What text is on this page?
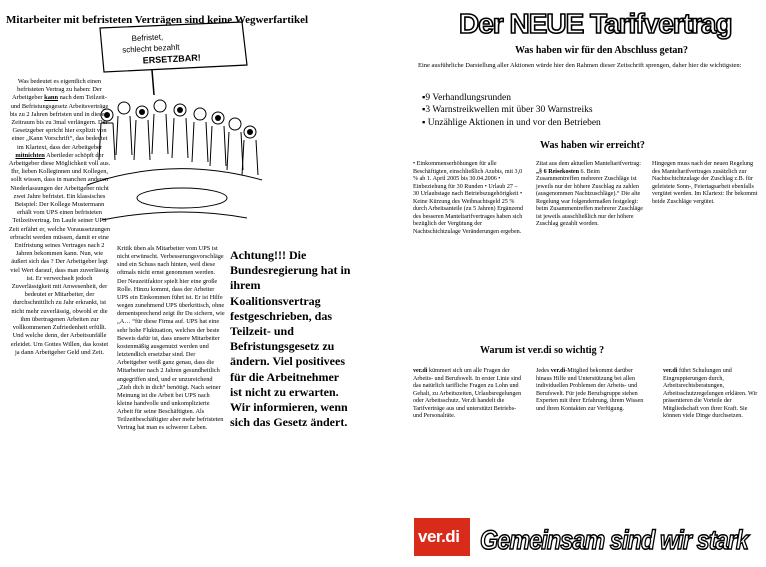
Mitarbeiter mit befristeten Verträgen sind keine Wegwerfartikel
Befristet,
schlecht bezahlt
ERSETZBAR!
Was bedeutet es eigentlich einen befristeten Vertrag zu haben: Der Arbeitgeber kann nach dem Teilzeit- und Befristungsgesetz Arbeitsverträge bis zu 2 Jahren befristen und in diesem Zeitraum bis zu 3mal verlängern. Der Gesetzgeber spricht hier explizit von einer „Kann Vorschrift“, das bedeutet im Klartext, dass der Arbeitgeber mitnichten Abertleder schöpft der Arbeitgeber diese Möglichkeit voll aus. Ihr, lieben Kolleginnen und Kollegen, sollt wissen, dass in manchen anderen Niederlassungen der Arbeitgeber nicht zwei Jahre befristet. Ein klassisches Beispiel: Der Kollege Mustermann erhält vom UPS einen befristeten Teilzeitvertrag. Im Laufe seiner UPS Zeit erfährt er, welche Voraussetzungen erbracht werden müssen, damit er eine Entfristung seines Vertrages nach 2 Jahren bekommen kann. Nun, wie äußert sich das ? Der Arbeitgeber legt viel Wert darauf, dass man zuverlässig ist. Er verwechselt jedoch Zuverlässigkeit mit Anwesenheit, der bedeutet er Mitarbeiter, der durchschnittlich zu Jahr erkrankt, ist nicht mehr zuverlässig, obwohl er die ihm übertragenen Arbeiten zur vollkommenen Zufriedenheit erfüllt. Und welche denn, der Arbeitsunfälle erleidet. Um Gottes Willen, das kostet ja dann Arbeitgeber Geld und Zeit.
Kritik üben als Mitarbeiter vom UPS ist nicht erwünscht. Verbesserungsvorschläge sind ein Schuss nach hinten, weil diese oftmals nicht ernst genommen werden. Der Neuzeitfaktor spielt hier eine große Rolle. Hinzu kommt, dass der Arbeiter UPS ein Einkommen führt ist. Er ist Hilfe wegen zunehmend UPS überkritisch, ohne dementsprechend zeigt ihr Du sichern, wie „A… “für diese Firma auf. UPS hat eine sehr hohe Fluktuation, welches der beste Beweis dafür ist, dass unsere Mitarbeiter kostenmäßig ausgenutzt werden und letztendlich ersetzbar sind. Der Arbeitgeber weiß ganz genau, dass die Mitarbeiter nach 2 Jahren gesundheitlich angegriffen sind, und er unzureichend „Zieh dich in dich“ benötigt. Nach seiner Meinung ist die Arbeit bei UPS nach kleine handvolle und unkomplizierte Arbeit für seine Beschäftigten. Als Teilzeitbeschäftigter aber mehr befristeten Vertrag hat man es schwerer Leben.
Achtung!!! Die Bundesregierung hat in ihrem Koalitionsvertrag festgeschrieben, das Teilzeit- und Befristungsgesetz zu ändern. Viel positivees für die Arbeitnehmer ist nicht zu erwarten. Wir informieren, wenn sich das Gesetz ändert.
Der NEUE Tarifvertrag
Was haben wir für den Abschluss getan?
Eine ausführliche Darstellung aller Aktionen würde hier den Rahmen dieser Zeitschrift sprengen, daher hier die wichtigsten:
▪9 Verhandlungsrunden
▪3 Warnstreikwellen mit über 30 Warnstreiks
▪ Unzählige Aktionen in und vor den Betrieben
Was haben wir erreicht?
• Einkommenserhöhungen für alle Beschäftigten, einschließlich Azubis, mit 3,0 % ab 1. April 2005 bis 30.04.2006 • Einbeziehung für 30 Runden • Urlaub 27 – 30 Urlaubstage nach Betriebszugehörigkeit • Keine Kürzung des Weihnachtsgeld 25 % durch Arbeitsanteile (zu 5 Jahren) Ergänzend des besseren Manteltarifvertrages haben sich bezüglich der Vergütung der Nachtschichtzulage Veränderungen ergeben.
Zitat aus dem aktuellen Manteltarifvertrag: „§ 6 Reisekosten 6. Beim Zusammentreffen mehrerer Zuschläge ist jeweils nur der höhere Zuschlag zu zahlen (ausgenommen Nachtzuschläge).“ Die alte Regelung war folgendermaßen festgelegt: beim Zusammentreffen mehrerer Zuschläge ist jeweils ausschließlich nur der höhere Zuschlag gezahlt worden.
Hingegen muss nach der neuen Regelung des Manteltarifvertrages zusätzlich zur Nachtschichtzulage der Zuschlag z.B. für geleistete Sonn-, Feiertagsarbeit ebenfalls vergütet werden. Im Klartext: Ihr bekommt beide Zuschläge vergütet.
Warum ist ver.di so wichtig ?
ver.di kümmert sich um alle Fragen der Arbeits- und Berufswelt. In erster Linie sind das natürlich tarifliche Fragen zu Lohn und Gehalt, zu Arbeitszeiten, Urlaubsregelungen oder Arbeitsschutz. Ver.di handelt die Tarifverträge aus und unterstützt Betriebs- und Personalräte.
Jedes ver.di-Mitglied bekommt darüber hinaus Hilfe und Unterstützung bei allen individuellen Problemen der Arbeits- und Berufswelt. Für jede Berufsgruppe stehen Experten mit ihrer Erfahrung, ihrem Wissen und ihren Kontakten zur Verfügung.
ver.di führt Schulungen und Eingruppierungen durch, Arbeitsrechtsberatungen, Arbeitsschutzregelungen erklären. Wir präsentieren die Vorteile der Mitgliedschaft von ihrer Kraft. Sie können viele Dinge durchsetzen.
ver.di Gemeinsam sind wir stark
